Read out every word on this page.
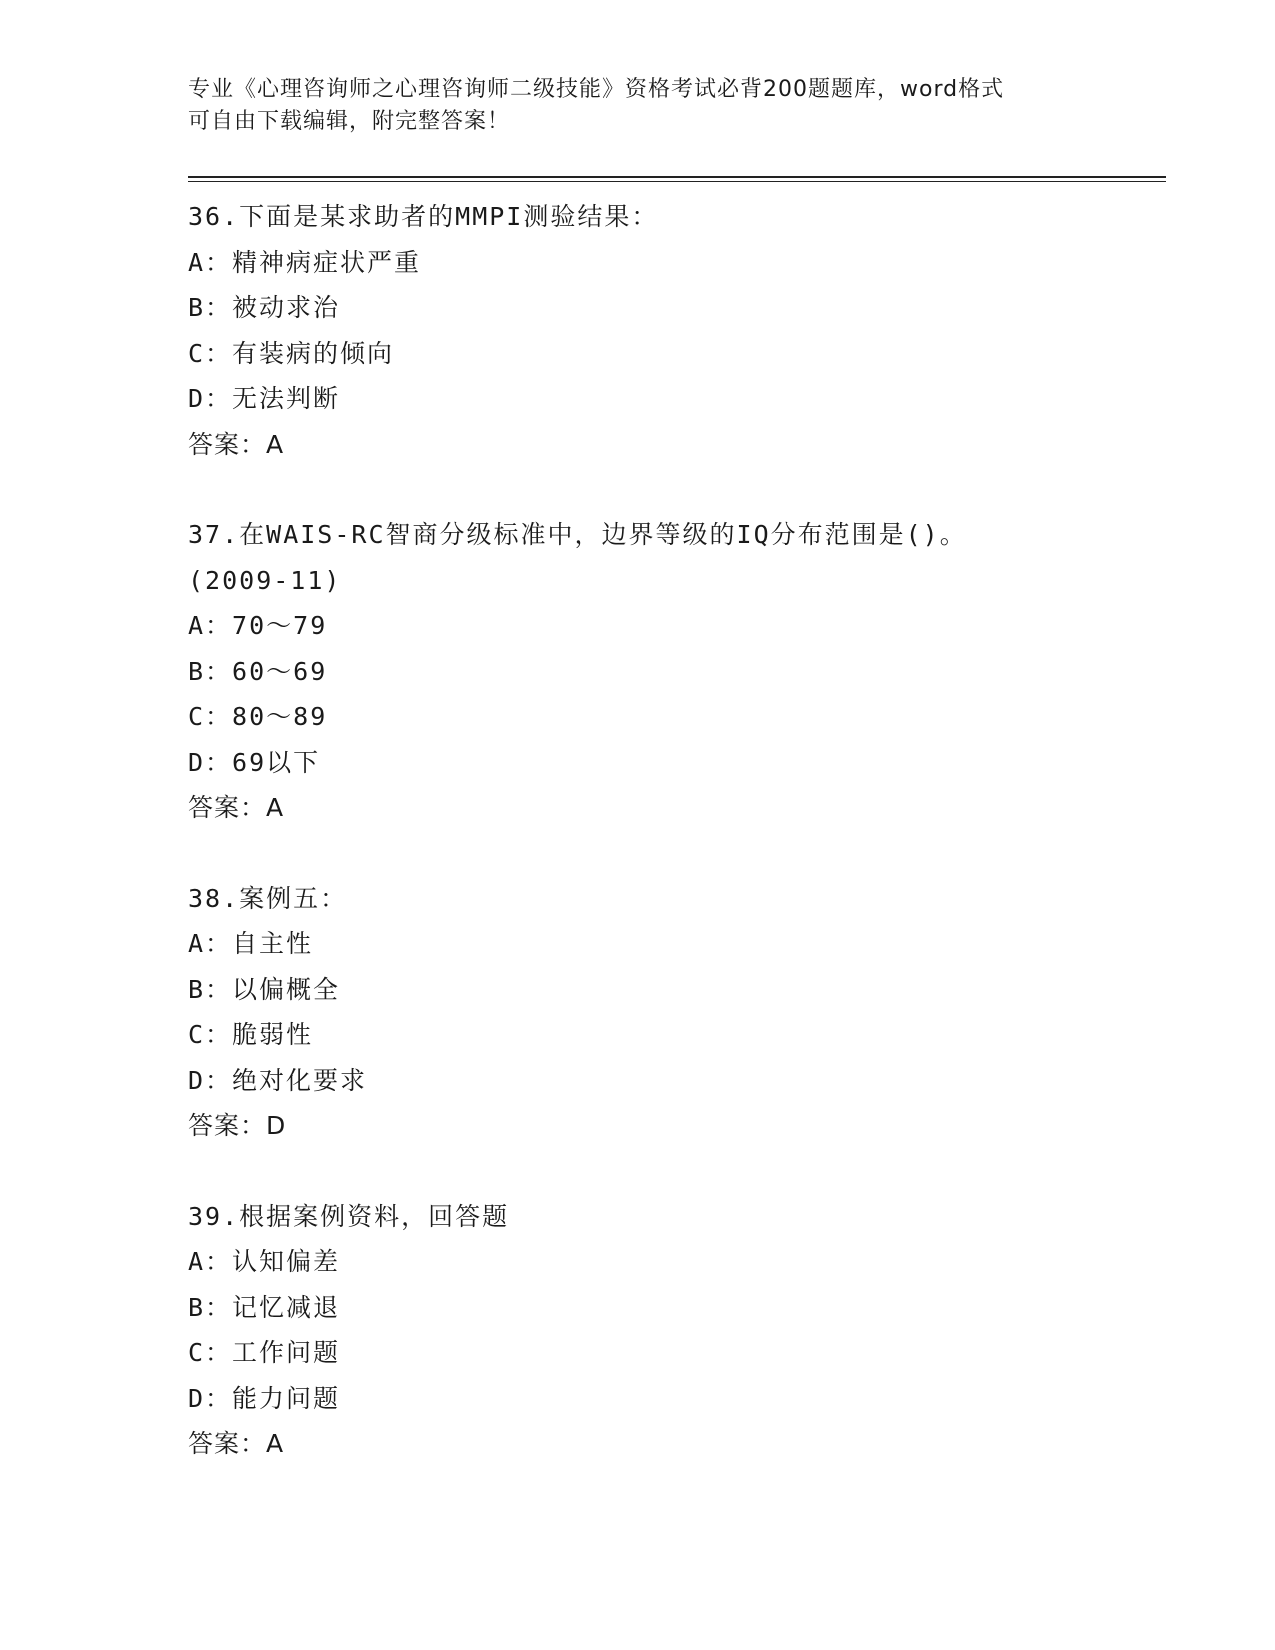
专业《心理咨询师之心理咨询师二级技能》资格考试必背200题题库，word格式
可自由下载编辑，附完整答案！
36.下面是某求助者的MMPI测验结果：
A：精神病症状严重
B：被动求治
C：有装病的倾向
D：无法判断
答案：A
37.在WAIS-RC智商分级标准中，边界等级的IQ分布范围是()。
(2009-11)
A：70～79
B：60～69
C：80～89
D：69以下
答案：A
38.案例五：
A：自主性
B：以偏概全
C：脆弱性
D：绝对化要求
答案：D
39.根据案例资料，回答题
A：认知偏差
B：记忆减退
C：工作问题
D：能力问题
答案：A
